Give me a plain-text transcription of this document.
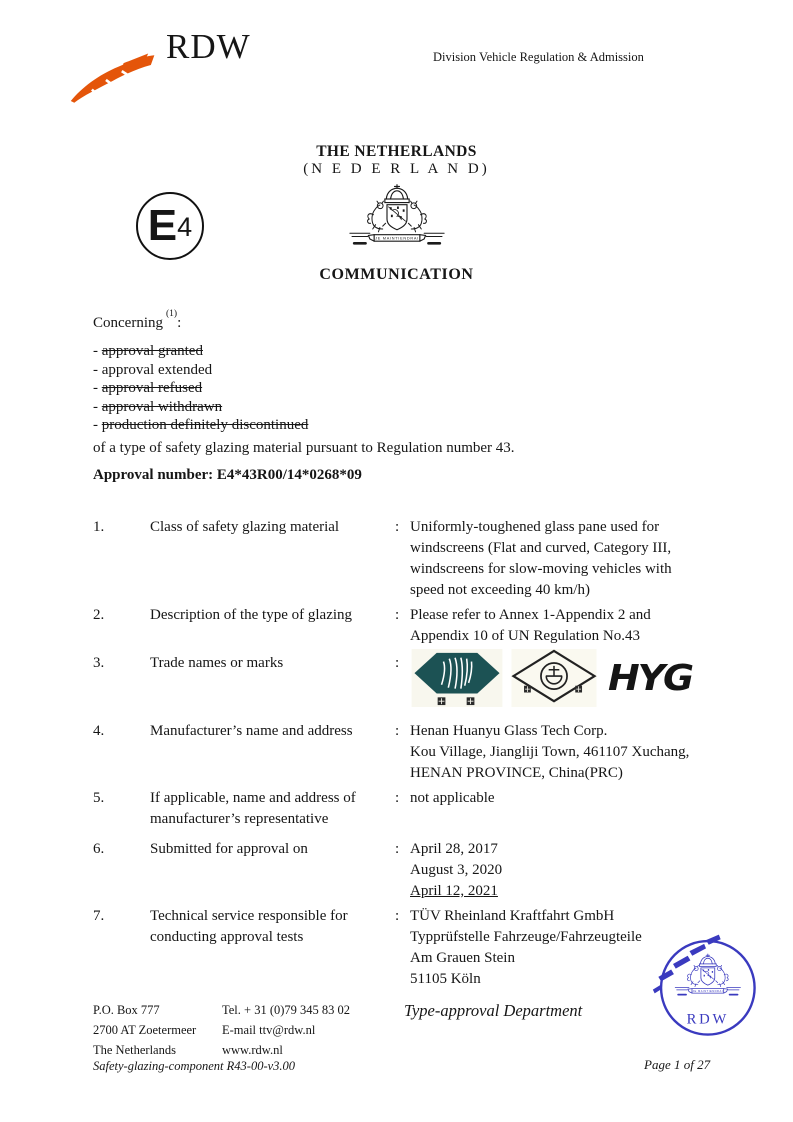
RDW	Division Vehicle Regulation & Admission
THE NETHERLANDS
(N E D E R L A N D)
E 4
COMMUNICATION
Concerning$^{(1)}$:
- approval granted
- approval extended
- approval refused
- approval withdrawn
- production definitely discontinued
of a type of safety glazing material pursuant to Regulation number 43.
Approval number: E4*43R00/14*0268*09
1.	Class of safety glazing material	: Uniformly-toughened glass pane used for
windscreens (Flat and curved, Category III,
windscreens for slow-moving vehicles with
speed not exceeding 40 km/h)
2.	Description of the type of glazing	: Please refer to Annex 1-Appendix 2 and
Appendix 10 of UN Regulation No.43
3.	Trade names or marks	:	HYG
4.	Manufacturer’s name and address	: Henan Huanyu Glass Tech Corp.
Kou Village, Jiangliji Town, 461107 Xuchang,
HENAN PROVINCE, China(PRC)
5.	If applicable, name and address of
manufacturer’s representative
: not applicable
6.	Submitted for approval on	: April 28, 2017
August 3, 2020
April 12, 2021
7.	Technical service responsible for
conducting approval tests
: TÜV Rheinland Kraftfahrt GmbH
Typprüfstelle Fahrzeuge/Fahrzeugteile
Am Grauen Stein
51105 Köln
P.O. Box 777
2700 AT Zoetermeer
The Netherlands
Tel. + 31 (0)79 345 83 02
E-mail ttv@rdw.nl
www.rdw.nl
Type-approval Department
Safety-glazing-component R43-00-v3.00	Page 1 of 27
RDW
